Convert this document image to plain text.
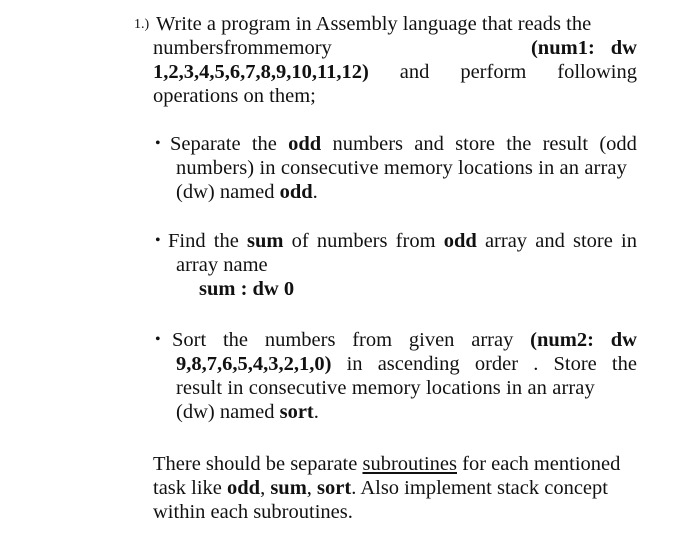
1.) Write a program in Assembly language that reads the
numbers from memory	(num1: dw
1,2,3,4,5,6,7,8,9,10,11,12) and perform following
operations on them;
• Separate the odd numbers and store the result (odd
numbers) in consecutive memory locations in an array
(dw) named odd.
• Find the sum of numbers from odd array and store in
array name
sum : dw 0
• Sort the numbers from given array (num2: dw
9,8,7,6,5,4,3,2,1,0) in ascending order . Store the
result in consecutive memory locations in an array
(dw) named sort.
There should be separate subroutines for each mentioned
task like odd, sum, sort. Also implement stack concept
within each subroutines.
